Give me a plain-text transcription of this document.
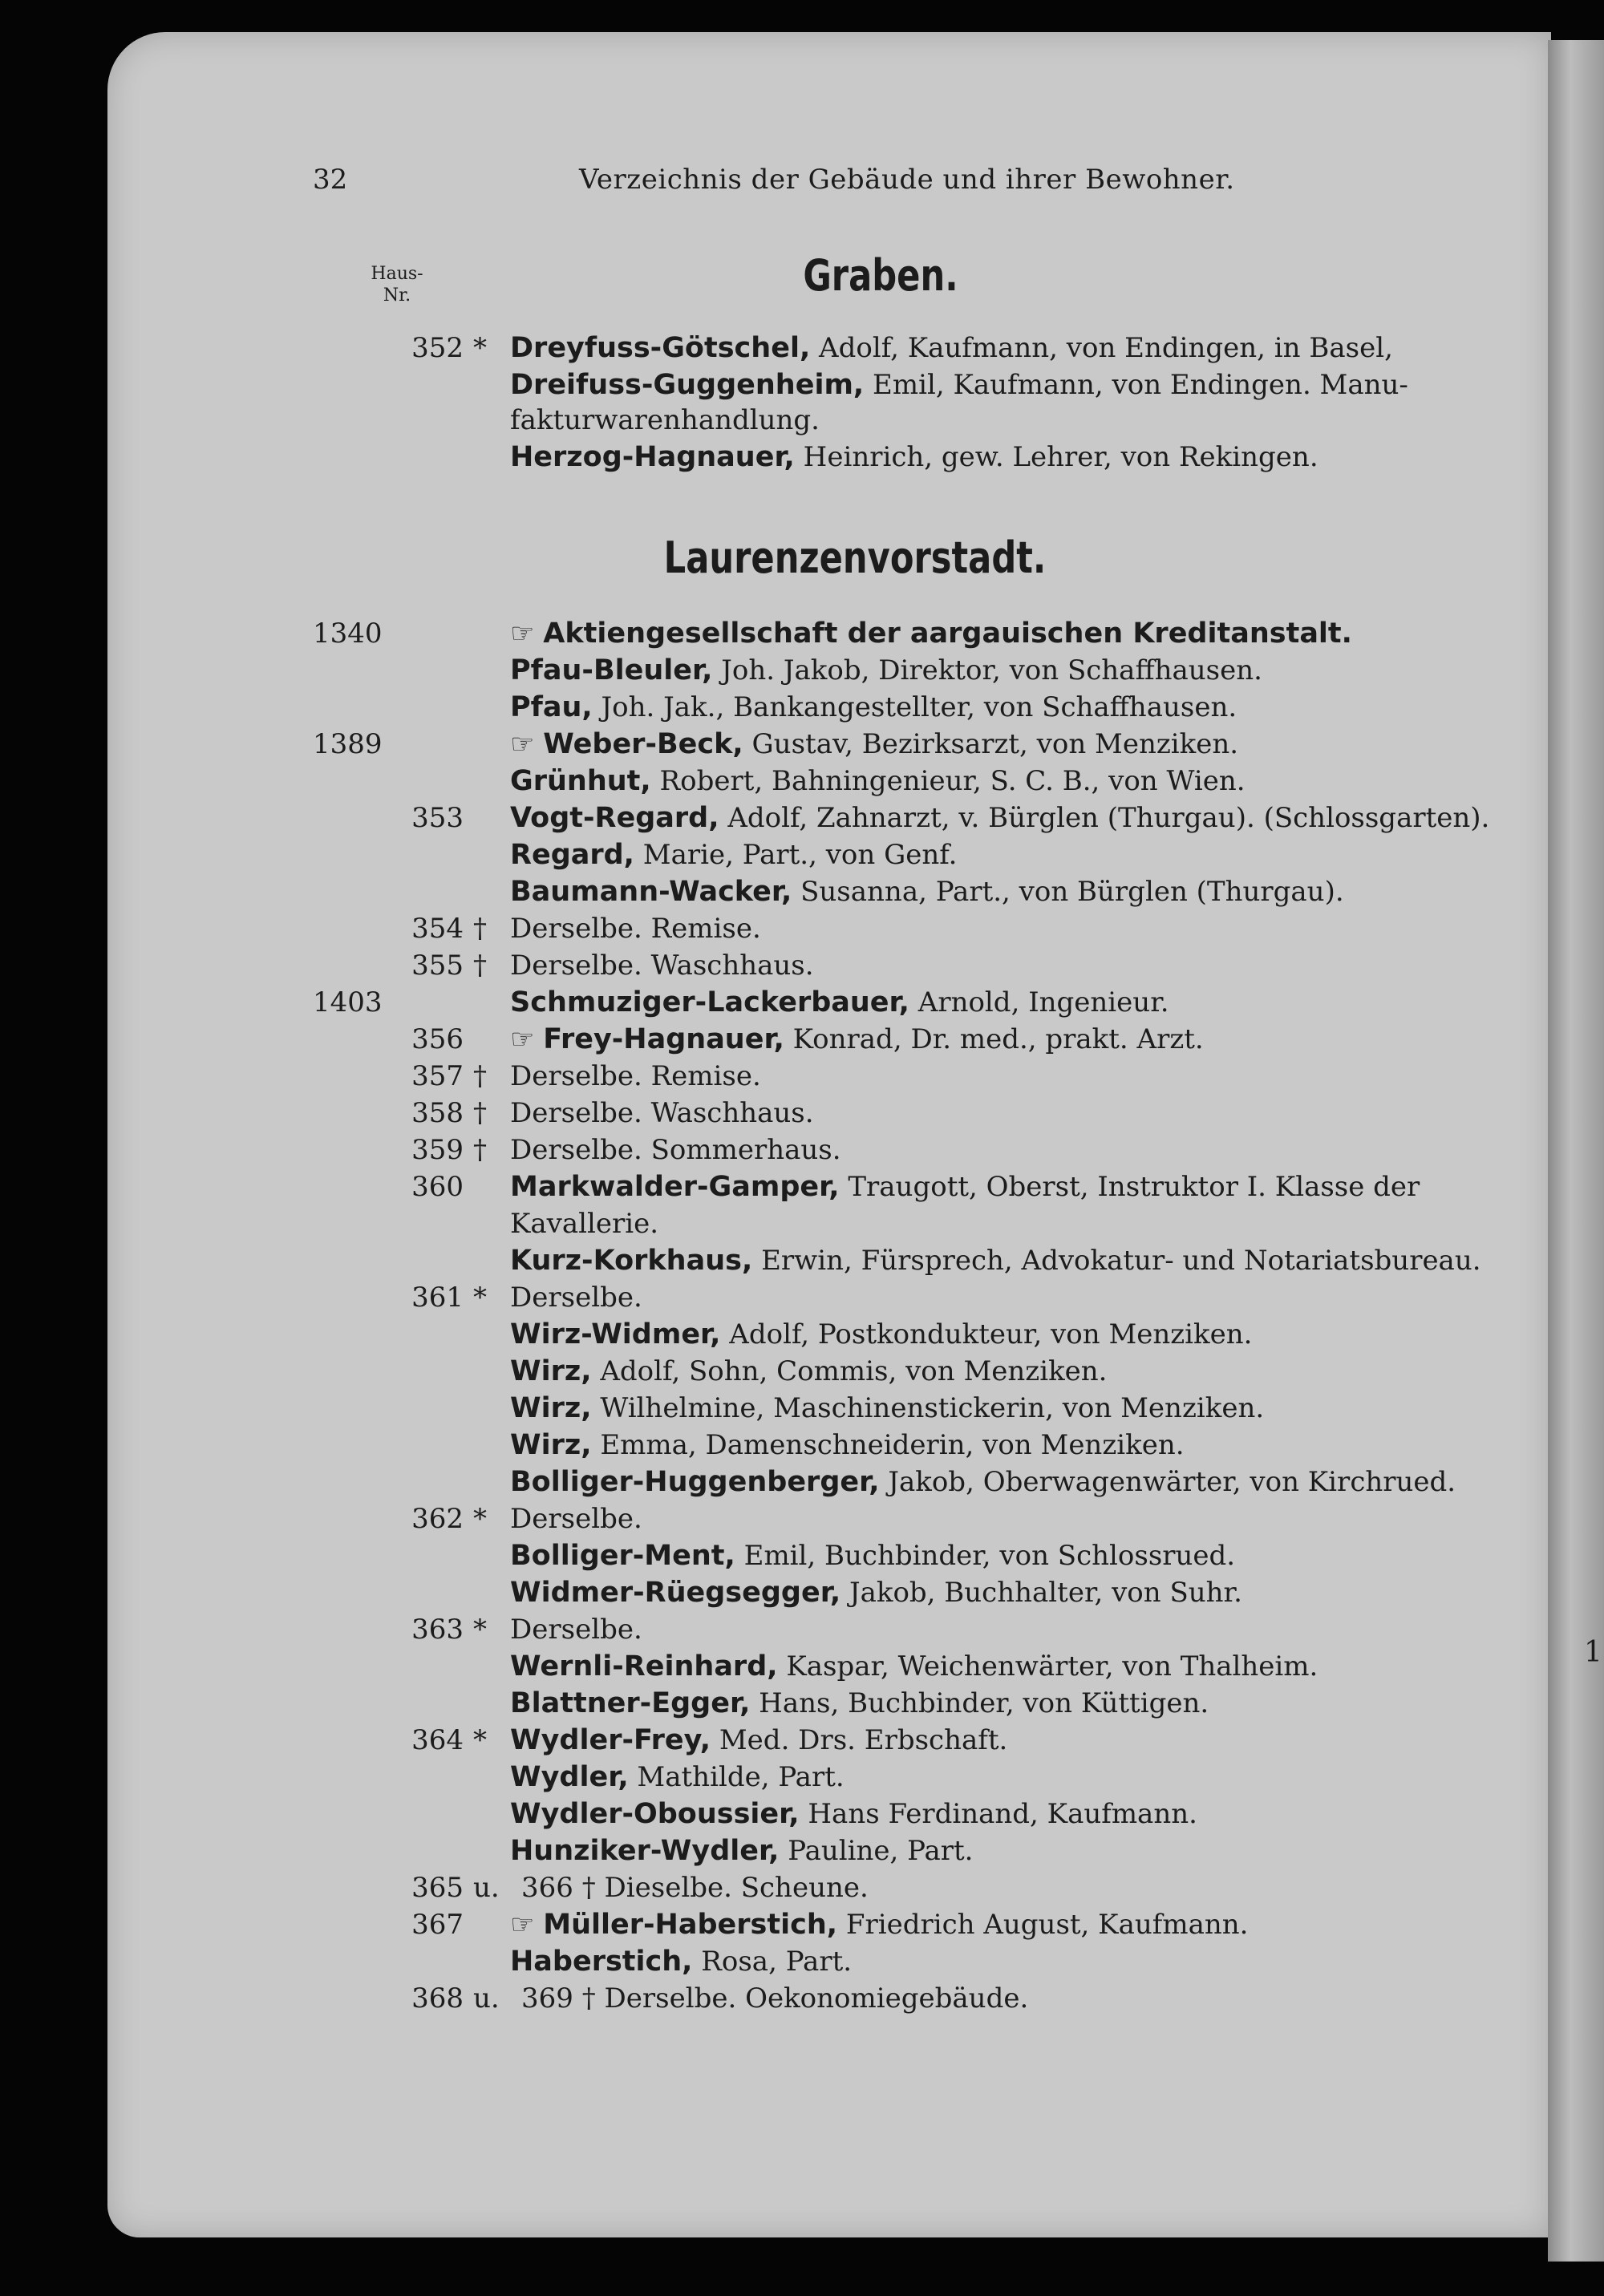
1
32	Verzeichnis der Gebäude und ihrer Bewohner.
Haus-
Nr.	Graben.
352 * Dreyfuss-Götschel, Adolf, Kaufmann, von Endingen, in Basel,
Dreifuss-Guggenheim, Emil, Kaufmann, von Endingen. Manu-
fakturwarenhandlung.
Herzog-Hagnauer, Heinrich, gew. Lehrer, von Rekingen.
Laurenzenvorstadt.
1340	☞ Aktiengesellschaft der aargauischen Kreditanstalt.
Pfau-Bleuler, Joh. Jakob, Direktor, von Schaffhausen.
Pfau, Joh. Jak., Bankangestellter, von Schaffhausen.
1389	☞ Weber-Beck, Gustav, Bezirksarzt, von Menziken.
Grünhut, Robert, Bahningenieur, S. C. B., von Wien.
353 Vogt-Regard, Adolf, Zahnarzt, v. Bürglen (Thurgau). (Schlossgarten).
Regard, Marie, Part., von Genf.
Baumann-Wacker, Susanna, Part., von Bürglen (Thurgau).
354 † Derselbe. Remise.
355 † Derselbe. Waschhaus.
1403	Schmuziger-Lackerbauer, Arnold, Ingenieur.
356 ☞ Frey-Hagnauer, Konrad, Dr. med., prakt. Arzt.
357 † Derselbe. Remise.
358 † Derselbe. Waschhaus.
359 † Derselbe. Sommerhaus.
360 Markwalder-Gamper, Traugott, Oberst, Instruktor I. Klasse der
Kavallerie.
Kurz-Korkhaus, Erwin, Fürsprech, Advokatur- und Notariatsbureau.
361 * Derselbe.
Wirz-Widmer, Adolf, Postkondukteur, von Menziken.
Wirz, Adolf, Sohn, Commis, von Menziken.
Wirz, Wilhelmine, Maschinenstickerin, von Menziken.
Wirz, Emma, Damenschneiderin, von Menziken.
Bolliger-Huggenberger, Jakob, Oberwagenwärter, von Kirchrued.
362 * Derselbe.
Bolliger-Ment, Emil, Buchbinder, von Schlossrued.
Widmer-Rüegsegger, Jakob, Buchhalter, von Suhr.
363 * Derselbe.
Wernli-Reinhard, Kaspar, Weichenwärter, von Thalheim.
Blattner-Egger, Hans, Buchbinder, von Küttigen.
364 * Wydler-Frey, Med. Drs. Erbschaft.
Wydler, Mathilde, Part.
Wydler-Oboussier, Hans Ferdinand, Kaufmann.
Hunziker-Wydler, Pauline, Part.
365 u. 366 † Dieselbe. Scheune.
367 ☞ Müller-Haberstich, Friedrich August, Kaufmann.
Haberstich, Rosa, Part.
368 u. 369 † Derselbe. Oekonomiegebäude.
